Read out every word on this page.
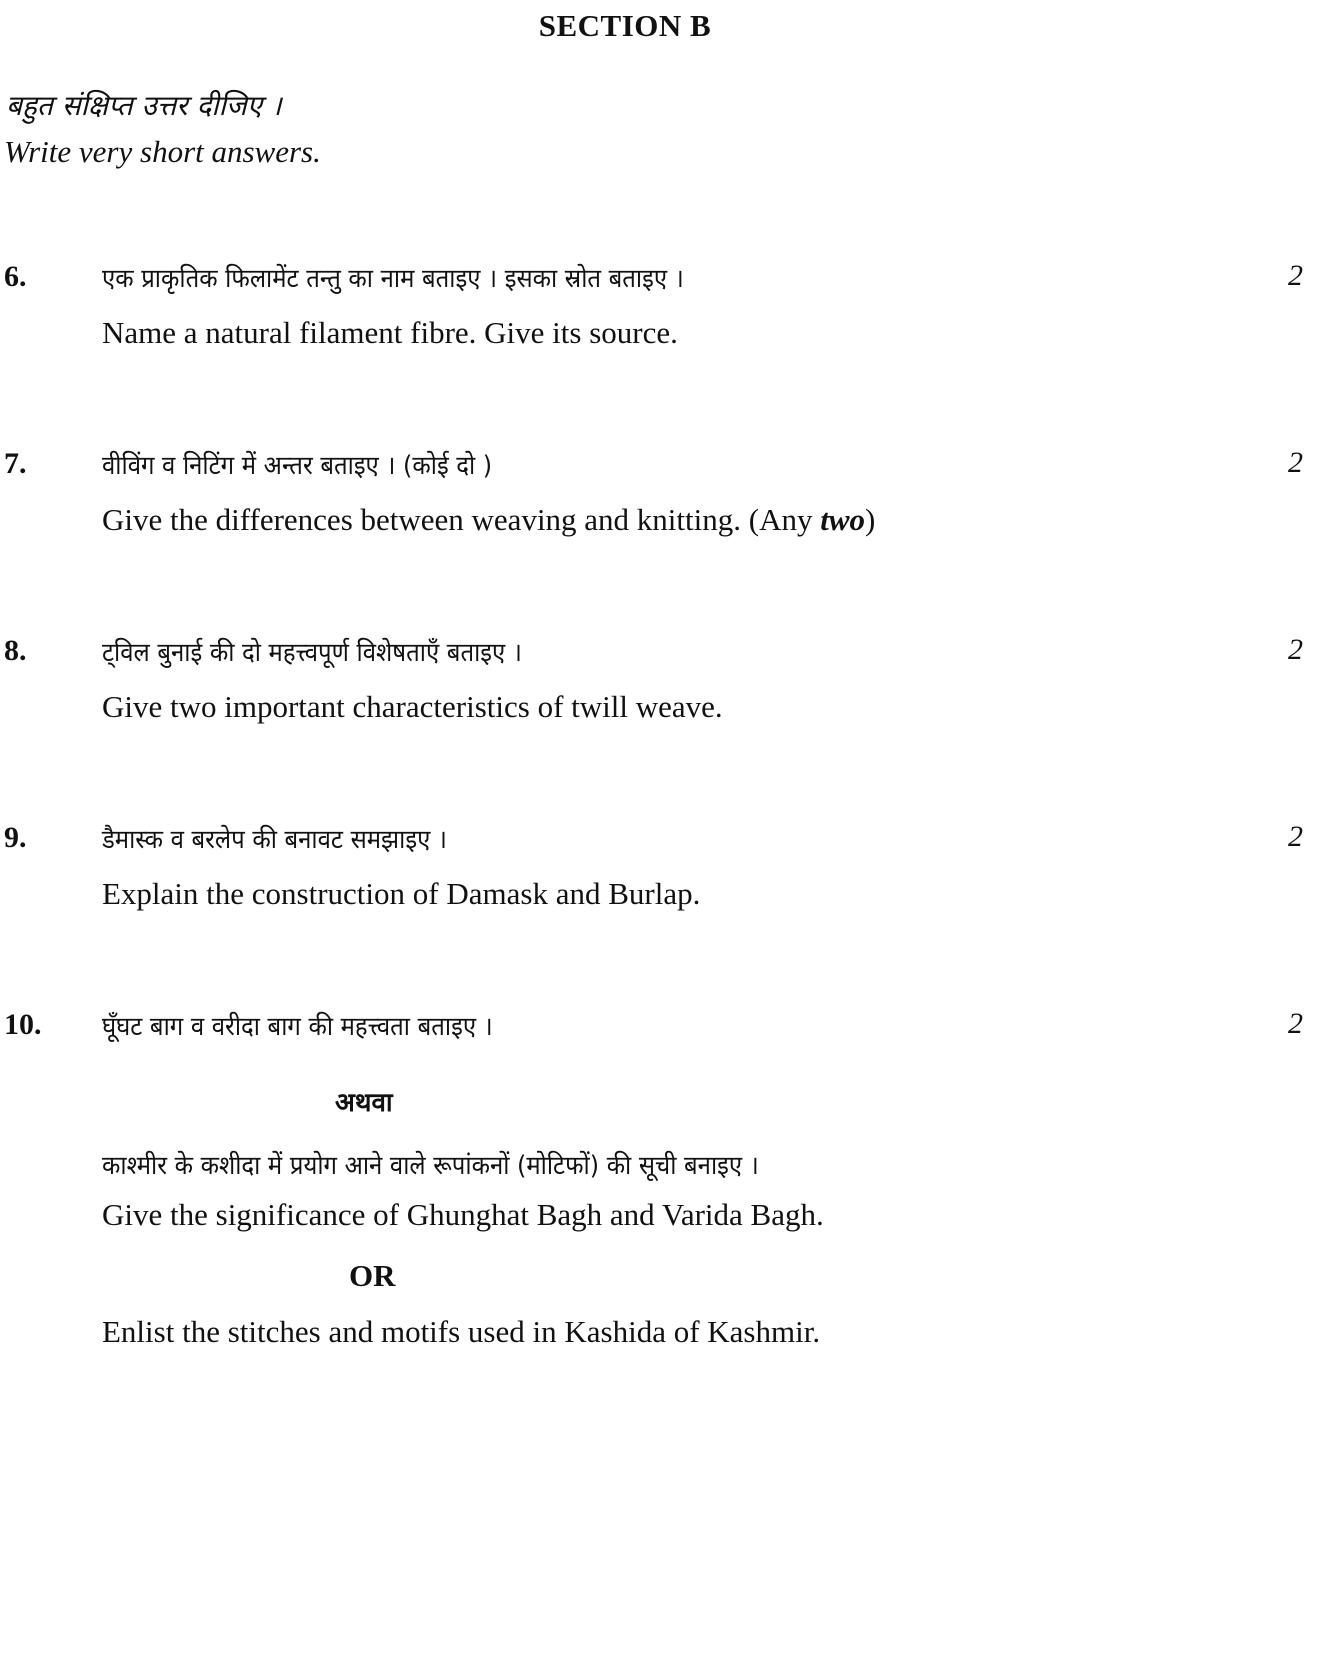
SECTION B
बहुत संक्षिप्त उत्तर दीजिए ।
Write very short answers.
6.	एक प्राकृतिक फिलामेंट तन्तु का नाम बताइए । इसका स्रोत बताइए ।	2
Name a natural filament fibre. Give its source.
7.	वीविंग व निटिंग में अन्तर बताइए । (कोई दो )	2
Give the differences between weaving and knitting. (Any two)
8.	ट्विल बुनाई की दो महत्त्वपूर्ण विशेषताएँ बताइए ।	2
Give two important characteristics of twill weave.
9.	डैमास्क व बरलेप की बनावट समझाइए ।	2
Explain the construction of Damask and Burlap.
10. घूँघट बाग व वरीदा बाग की महत्त्वता बताइए ।	2
अथवा
काश्मीर के कशीदा में प्रयोग आने वाले रूपांकनों (मोटिफों) की सूची बनाइए ।
Give the significance of Ghunghat Bagh and Varida Bagh.
OR
Enlist the stitches and motifs used in Kashida of Kashmir.
